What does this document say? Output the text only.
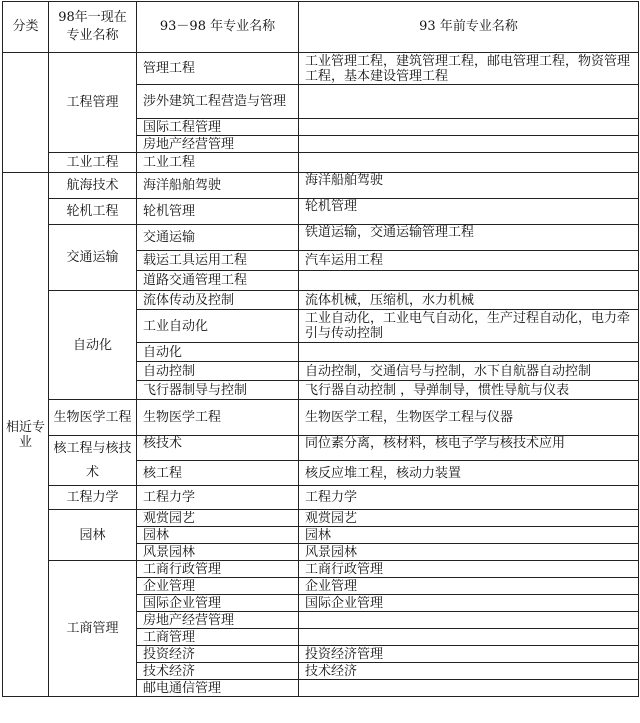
分类	98年一现在专业名称	93－98 年专业名称	93 年前专业名称
	工程管理	管理工程	工业管理工程，建筑管理工程，邮电管理工程，物资管理工程，基本建设管理工程
		涉外建筑工程营造与管理	
		国际工程管理	
		房地产经营管理	
	工业工程	工业工程	
相近专业	航海技术	海洋船舶驾驶	海洋船舶驾驶
	轮机工程	轮机管理	轮机管理
	交通运输	交通运输	铁道运输，交通运输管理工程
		载运工具运用工程	汽车运用工程
		道路交通管理工程	
	自动化	流体传动及控制	流体机械，压缩机，水力机械
		工业自动化	工业自动化，工业电气自动化，生产过程自动化，电力牵引与传动控制
		自动化	
		自动控制	自动控制，交通信号与控制，水下自航器自动控制
		飞行器制导与控制	飞行器自动控制 ，导弹制导，惯性导航与仪表
	生物医学工程	生物医学工程	生物医学工程，生物医学工程与仪器
	核工程与核技术	核技术	同位素分离，核材料，核电子学与核技术应用
		核工程	核反应堆工程，核动力装置
	工程力学	工程力学	工程力学
	园林	观赏园艺	观赏园艺
		园林	园林
		风景园林	风景园林
	工商管理	工商行政管理	工商行政管理
		企业管理	企业管理
		国际企业管理	国际企业管理
		房地产经营管理	
		工商管理	
		投资经济	投资经济管理
		技术经济	技术经济
		邮电通信管理	
